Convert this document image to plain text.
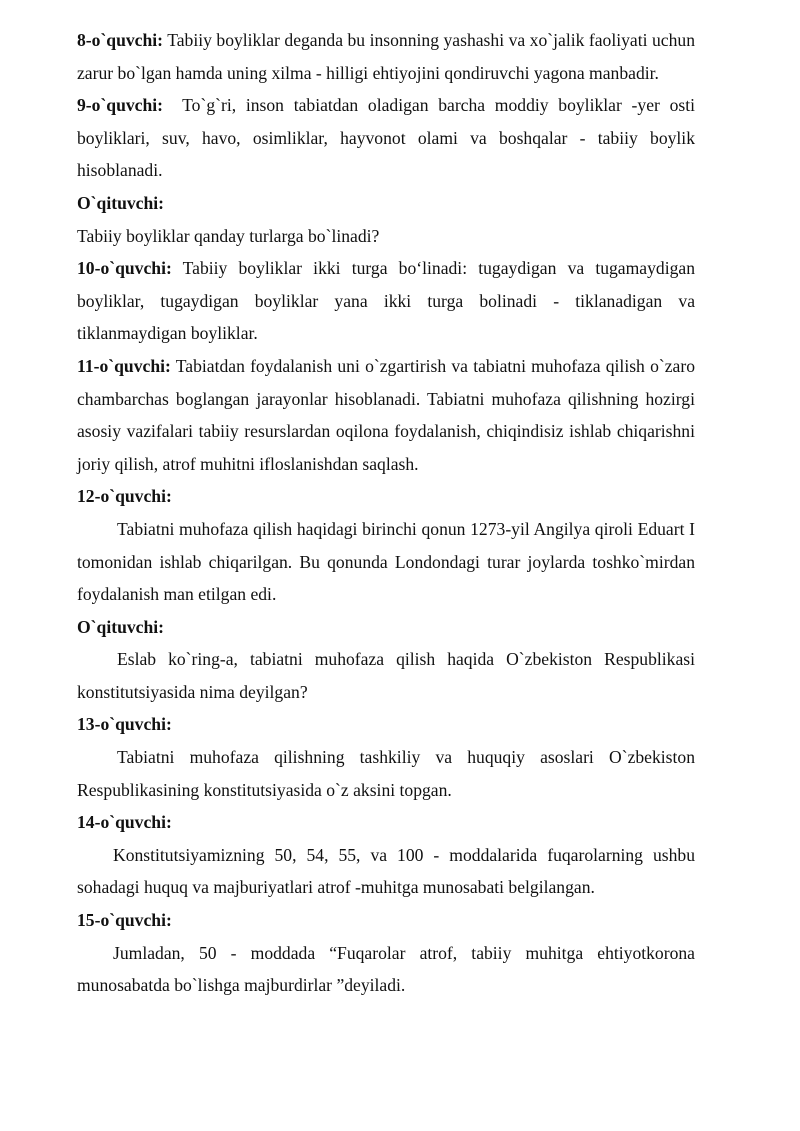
8-o`quvchi: Tabiiy boyliklar deganda bu insonning yashashi va xo`jalik faoliyati uchun zarur bo`lgan hamda uning xilma - hilligi ehtiyojini qondiruvchi yagona manbadir.

9-o`quvchi:  To`g`ri, inson tabiatdan oladigan barcha moddiy boyliklar -yer osti boyliklari, suv, havo, osimliklar, hayvonot olami va boshqalar - tabiiy boylik hisoblanadi.

O`qituvchi:

Tabiiy boyliklar qanday turlarga bo`linadi?

10-o`quvchi: Tabiiy boyliklar ikki turga bo‘linadi: tugaydigan va tugamaydigan boyliklar, tugaydigan boyliklar yana ikki turga bolinadi - tiklanadigan va tiklanmaydigan boyliklar.

11-o`quvchi: Tabiatdan foydalanish uni o`zgartirish va tabiatni muhofaza qilish o`zaro chambarchas boglangan jarayonlar hisoblanadi. Tabiatni muhofaza qilishning hozirgi asosiy vazifalari tabiiy resurslardan oqilona foydalanish, chiqindisiz ishlab chiqarishni joriy qilish, atrof muhitni ifloslanishdan saqlash.

12-o`quvchi:

Tabiatni muhofaza qilish haqidagi birinchi qonun 1273-yil Angilya qiroli Eduart I tomonidan ishlab chiqarilgan. Bu qonunda Londondagi turar joylarda toshko`mirdan foydalanish man etilgan edi.

O`qituvchi:

Eslab ko`ring-a, tabiatni muhofaza qilish haqida O`zbekiston Respublikasi konstitutsiyasida nima deyilgan?

13-o`quvchi:

Tabiatni muhofaza qilishning tashkiliy va huquqiy asoslari O`zbekiston Respublikasining konstitutsiyasida o`z aksini topgan.

14-o`quvchi:

Konstitutsiyamizning 50, 54, 55, va 100 - moddalarida fuqarolarning ushbu sohadagi huquq va majburiyatlari atrof -muhitga munosabati belgilangan.

15-o`quvchi:

Jumladan, 50 - moddada “Fuqarolar atrof, tabiiy muhitga ehtiyotkorona munosabatda bo`lishga majburdirlar ”deyiladi.
